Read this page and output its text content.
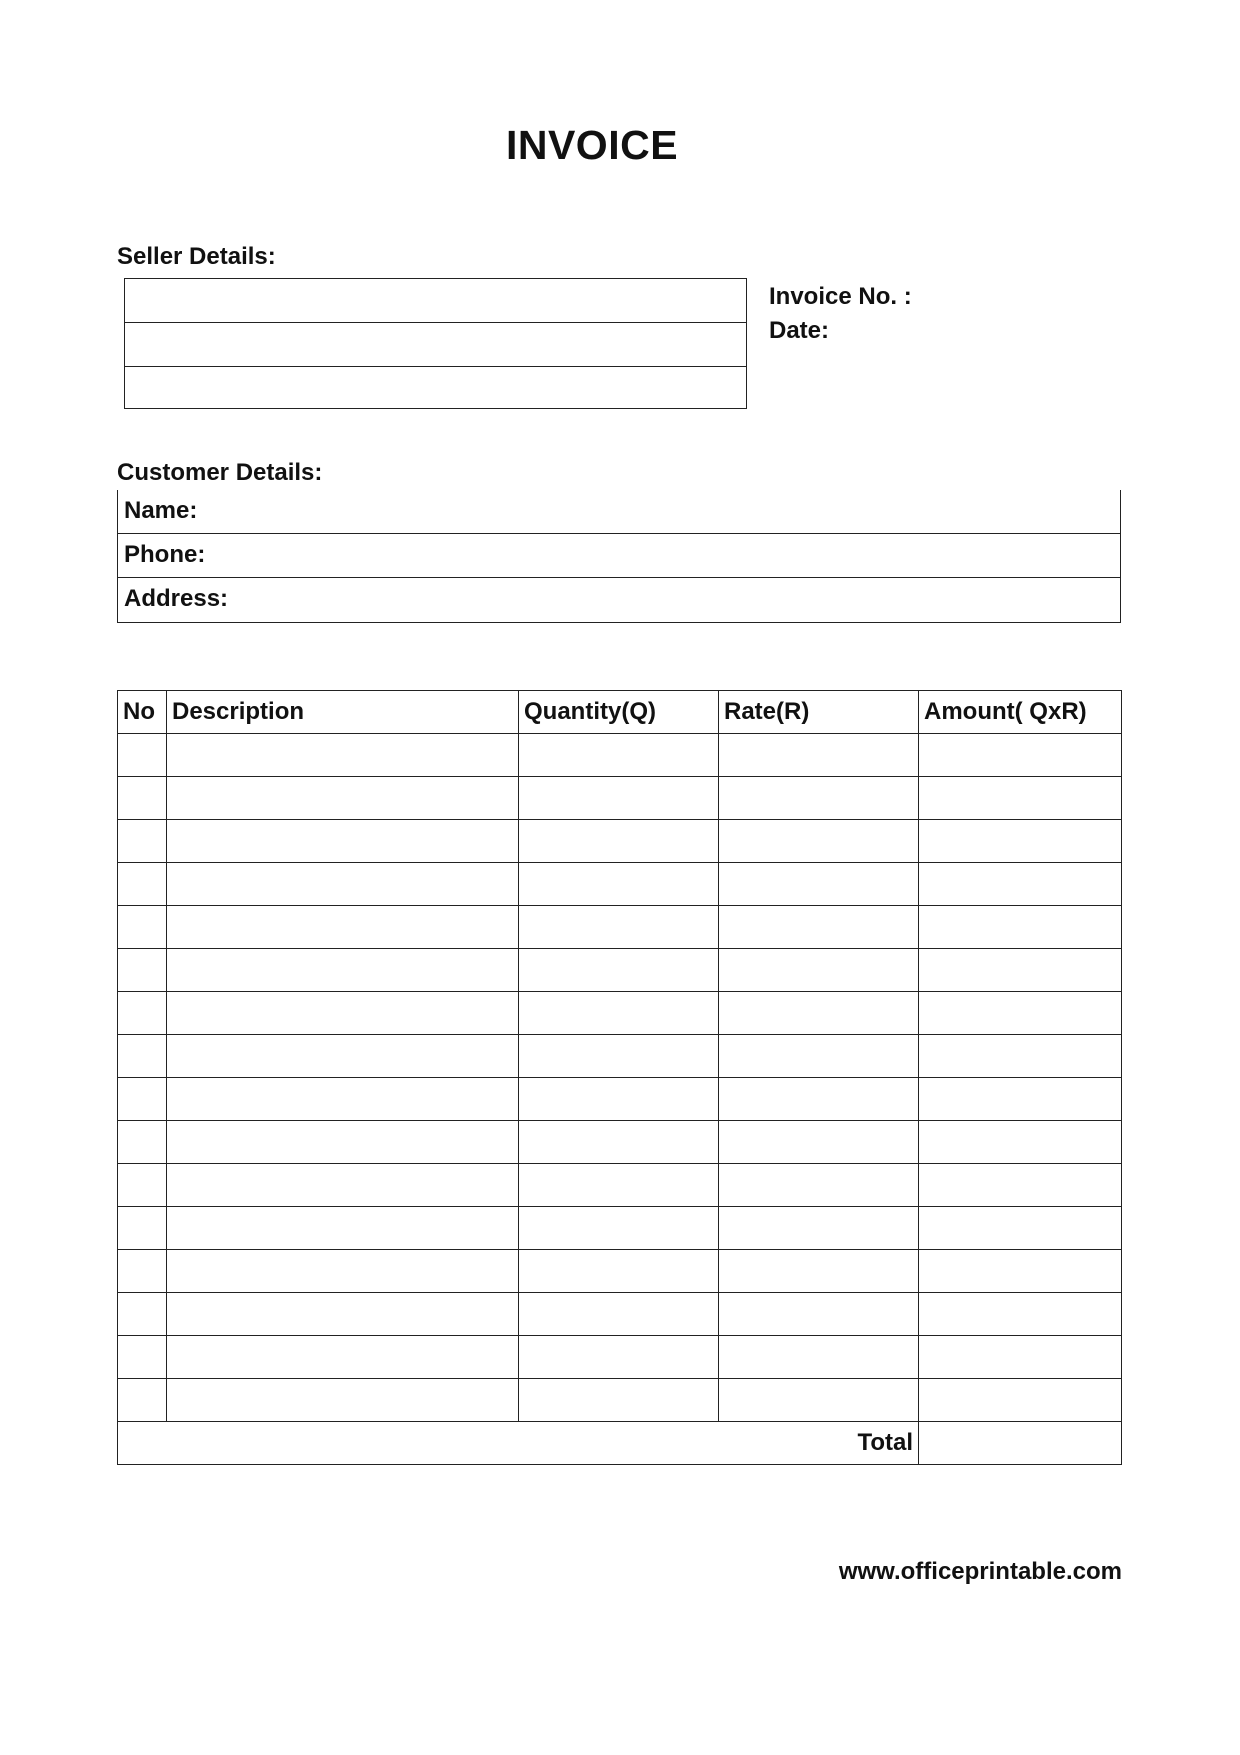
INVOICE
Seller Details:
Invoice No. :
Date:
Customer Details:
Name:
Phone:
Address:
No	Description	Quantity(Q)	Rate(R)	Amount( QxR)

Total				
www.officeprintable.com
